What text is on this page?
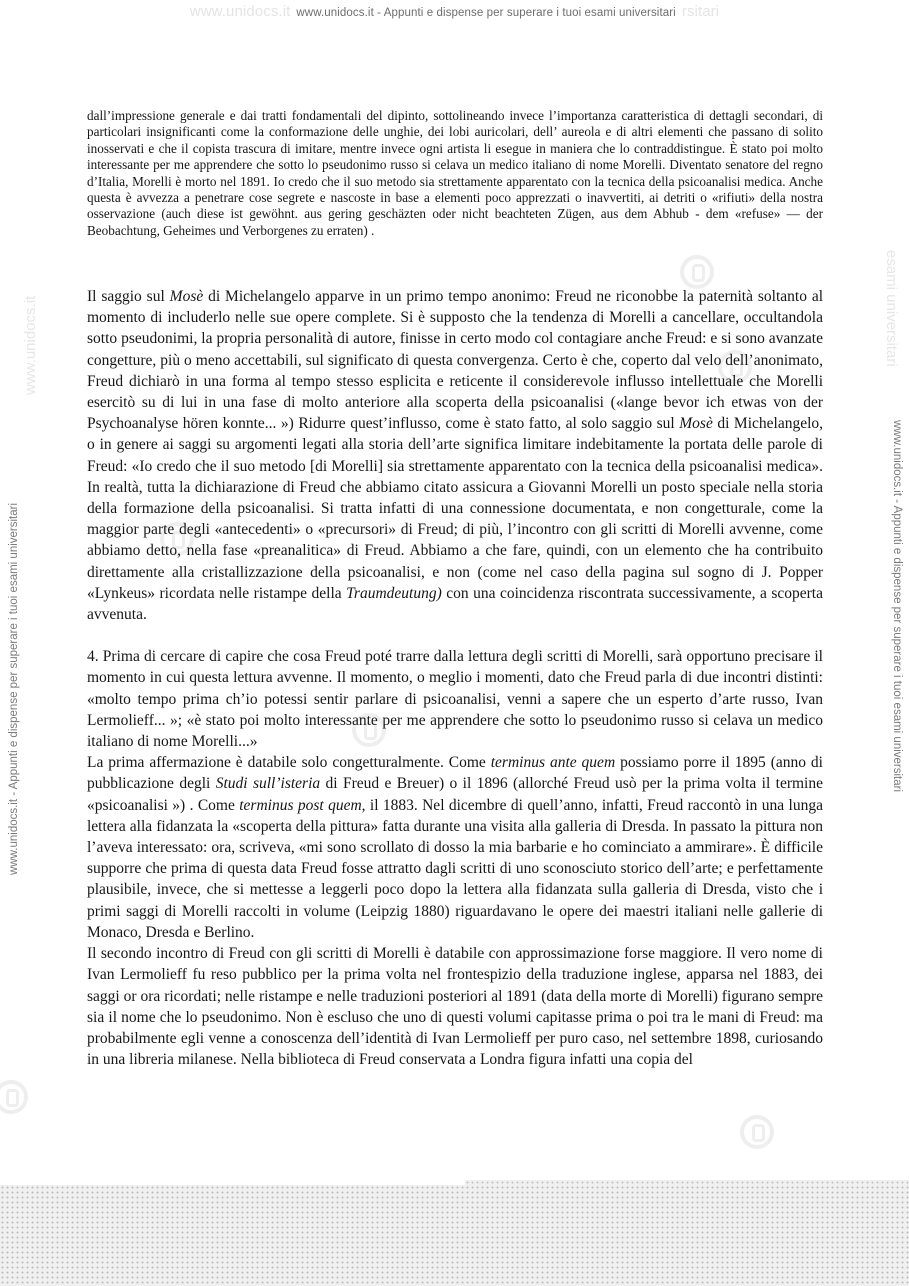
www.unidocs.it www.unidocs.it - Appunti e dispense per superare i tuoi esami universitari rsitari
www.unidocs.it
www.unidocs.it - Appunti e dispense per superare i tuoi esami universitari
esami universitari
www.unidocs.it - Appunti e dispense per superare i tuoi esami universitari

dall’impressione generale e dai tratti fondamentali del dipinto, sottolineando invece l’importanza caratteristica di dettagli secondari, di particolari insignificanti come la conformazione delle unghie, dei lobi auricolari, dell’ aureola e di altri elementi che passano di solito inosservati e che il copista trascura di imitare, mentre invece ogni artista li esegue in maniera che lo contraddistingue. È stato poi molto interessante per me apprendere che sotto lo pseudonimo russo si celava un medico italiano di nome Morelli. Diventato senatore del regno d’Italia, Morelli è morto nel 1891. Io credo che il suo metodo sia strettamente apparentato con la tecnica della psicoanalisi medica. Anche questa è avvezza a penetrare cose segrete e nascoste in base a elementi poco apprezzati o inavvertiti, ai detriti o «rifiuti» della nostra osservazione (auch diese ist gewöhnt. aus gering geschäzten oder nicht beachteten Zügen, aus dem Abhub - dem «refuse» — der Beobachtung, Geheimes und Verborgenes zu erraten) .

Il saggio sul Mosè di Michelangelo apparve in un primo tempo anonimo: Freud ne riconobbe la paternità soltanto al momento di includerlo nelle sue opere complete. Si è supposto che la tendenza di Morelli a cancellare, occultandola sotto pseudonimi, la propria personalità di autore, finisse in certo modo col contagiare anche Freud: e si sono avanzate congetture, più o meno accettabili, sul significato di questa convergenza. Certo è che, coperto dal velo dell’anonimato, Freud dichiarò in una forma al tempo stesso esplicita e reticente il considerevole influsso intellettuale che Morelli esercitò su di lui in una fase di molto anteriore alla scoperta della psicoanalisi («lange bevor ich etwas von der Psychoanalyse hören konnte... ») Ridurre quest’influsso, come è stato fatto, al solo saggio sul Mosè di Michelangelo, o in genere ai saggi su argomenti legati alla storia dell’arte significa limitare indebitamente la portata delle parole di Freud: «Io credo che il suo metodo [di Morelli] sia strettamente apparentato con la tecnica della psicoanalisi medica». In realtà, tutta la dichiarazione di Freud che abbiamo citato assicura a Giovanni Morelli un posto speciale nella storia della formazione della psicoanalisi. Si tratta infatti di una connessione documentata, e non congetturale, come la maggior parte degli «antecedenti» o «precursori» di Freud; di più, l’incontro con gli scritti di Morelli avvenne, come abbiamo detto, nella fase «preanalitica» di Freud. Abbiamo a che fare, quindi, con un elemento che ha contribuito direttamente alla cristallizzazione della psicoanalisi, e non (come nel caso della pagina sul sogno di J. Popper «Lynkeus» ricordata nelle ristampe della Traumdeutung) con una coincidenza riscontrata successivamente, a scoperta avvenuta.

4. Prima di cercare di capire che cosa Freud poté trarre dalla lettura degli scritti di Morelli, sarà opportuno precisare il momento in cui questa lettura avvenne. Il momento, o meglio i momenti, dato che Freud parla di due incontri distinti: «molto tempo prima ch’io potessi sentir parlare di psicoanalisi, venni a sapere che un esperto d’arte russo, Ivan Lermolieff... »; «è stato poi molto interessante per me apprendere che sotto lo pseudonimo russo si celava un medico italiano di nome Morelli...»

La prima affermazione è databile solo congetturalmente. Come terminus ante quem possiamo porre il 1895 (anno di pubblicazione degli Studi sull’isteria di Freud e Breuer) o il 1896 (allorché Freud usò per la prima volta il termine «psicoanalisi ») . Come terminus post quem, il 1883. Nel dicembre di quell’anno, infatti, Freud raccontò in una lunga lettera alla fidanzata la «scoperta della pittura» fatta durante una visita alla galleria di Dresda. In passato la pittura non l’aveva interessato: ora, scriveva, «mi sono scrollato di dosso la mia barbarie e ho cominciato a ammirare». È difficile supporre che prima di questa data Freud fosse attratto dagli scritti di uno sconosciuto storico dell’arte; e perfettamente plausibile, invece, che si mettesse a leggerli poco dopo la lettera alla fidanzata sulla galleria di Dresda, visto che i primi saggi di Morelli raccolti in volume (Leipzig 1880) riguardavano le opere dei maestri italiani nelle gallerie di Monaco, Dresda e Berlino.

Il secondo incontro di Freud con gli scritti di Morelli è databile con approssimazione forse maggiore. Il vero nome di Ivan Lermolieff fu reso pubblico per la prima volta nel frontespizio della traduzione inglese, apparsa nel 1883, dei saggi or ora ricordati; nelle ristampe e nelle traduzioni posteriori al 1891 (data della morte di Morelli) figurano sempre sia il nome che lo pseudonimo. Non è escluso che uno di questi volumi capitasse prima o poi tra le mani di Freud: ma probabilmente egli venne a conoscenza dell’identità di Ivan Lermolieff per puro caso, nel settembre 1898, curiosando in una libreria milanese. Nella biblioteca di Freud conservata a Londra figura infatti una copia del
